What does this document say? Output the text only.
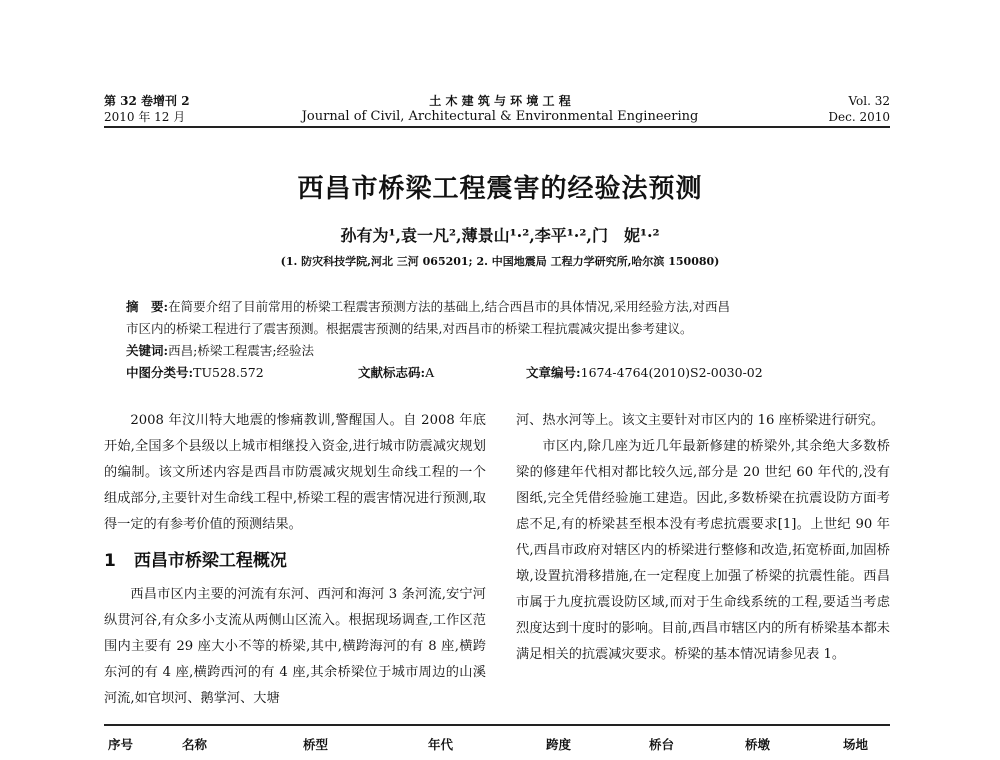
第 32 卷增刊 2
2010 年 12 月
土 木 建 筑 与 环 境 工 程
Journal of Civil, Architectural & Environmental Engineering
Vol. 32
Dec. 2010
西昌市桥梁工程震害的经验法预测
孙有为¹,袁一凡²,薄景山¹·²,李平¹·²,门　妮¹·²
(1. 防灾科技学院,河北 三河 065201; 2. 中国地震局 工程力学研究所,哈尔滨 150080)
摘　要:在简要介绍了目前常用的桥梁工程震害预测方法的基础上,结合西昌市的具体情况,采用经验方法,对西昌
市区内的桥梁工程进行了震害预测。根据震害预测的结果,对西昌市的桥梁工程抗震减灾提出参考建议。
关键词:西昌;桥梁工程震害;经验法
中图分类号:TU528.572	文献标志码:A	文章编号:1674-4764(2010)S2-0030-02

2008 年汶川特大地震的惨痛教训,警醒国人。自 2008 年底开始,全国多个县级以上城市相继投入资金,进行城市防震减灾规划的编制。该文所述内容是西昌市防震减灾规划生命线工程的一个组成部分,主要针对生命线工程中,桥梁工程的震害情况进行预测,取得一定的有参考价值的预测结果。

1 西昌市桥梁工程概况

西昌市区内主要的河流有东河、西河和海河 3 条河流,安宁河纵贯河谷,有众多小支流从两侧山区流入。根据现场调查,工作区范围内主要有 29 座大小不等的桥梁,其中,横跨海河的有 8 座,横跨东河的有 4 座,横跨西河的有 4 座,其余桥梁位于城市周边的山溪河流,如官坝河、鹅掌河、大塘

河、热水河等上。该文主要针对市区内的 16 座桥梁进行研究。

市区内,除几座为近几年最新修建的桥梁外,其余绝大多数桥梁的修建年代相对都比较久远,部分是 20 世纪 60 年代的,没有图纸,完全凭借经验施工建造。因此,多数桥梁在抗震设防方面考虑不足,有的桥梁甚至根本没有考虑抗震要求[1]。上世纪 90 年代,西昌市政府对辖区内的桥梁进行整修和改造,拓宽桥面,加固桥墩,设置抗滑移措施,在一定程度上加强了桥梁的抗震性能。西昌市属于九度抗震设防区域,而对于生命线系统的工程,要适当考虑烈度达到十度时的影响。目前,西昌市辖区内的所有桥梁基本都未满足相关的抗震减灾要求。桥梁的基本情况请参见表 1。

序号	名称	桥型	年代	跨度	桥台	桥墩	场地
